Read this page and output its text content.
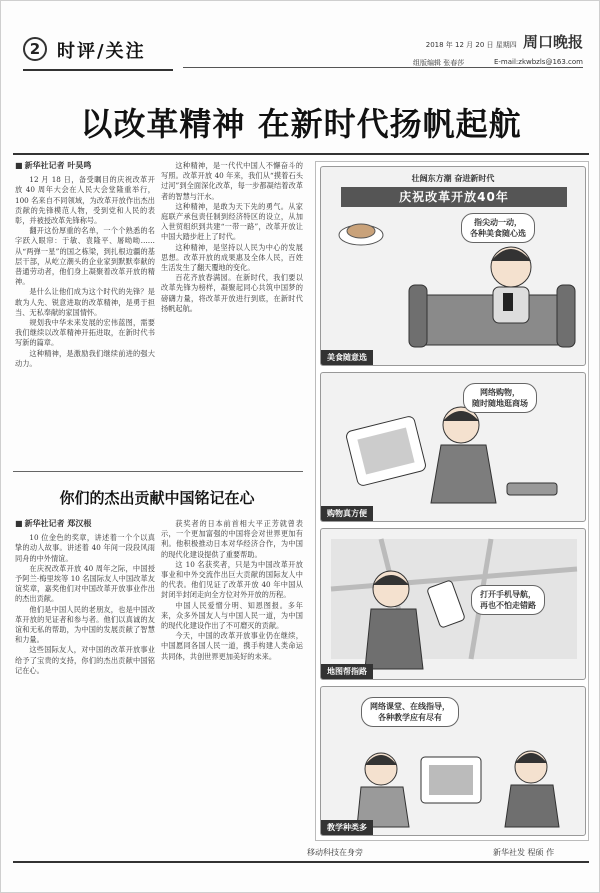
2 时评/关注	2018 年 12 月 20 日 星期四 周口晚报
组版编辑 张春莎	E-mail:zkwbzls@163.com
以改革精神 在新时代扬帆起航
■ 新华社记者 叶昊鸣

12 月 18 日，备受瞩目的庆祝改革开放 40 周年大会在人民大会堂隆重举行，100 名来自不同领域，为改革开放作出杰出贡献的先锋模范人物，受到党和人民的表彰，并被授改革先锋称号。

翻开这份厚重的名单，一个个熟悉的名字跃入眼帘：于敏、袁隆平、屠呦呦……从“两弹一星”的国之栋梁，到扎根边疆的基层干部，从屹立潮头的企业家到默默奉献的普通劳动者，他们身上凝聚着改革开放的精神。

是什么让他们成为这个时代的先锋？是敢为人先、锐意进取的改革精神，是勇于担当、无私奉献的家国情怀。

规划我中华未来发展的宏伟蓝图，需要我们继续以改革精神开拓进取，在新时代书写新的篇章。

这种精神，是激励我们继续前进的强大动力。

这种精神，是一代代中国人不懈奋斗的写照。改革开放 40 年来，我们从“摸着石头过河”到全面深化改革，每一步都凝结着改革者的智慧与汗水。

这种精神，是敢为天下先的勇气。从家庭联产承包责任制到经济特区的设立，从加入世贸组织到共建“一带一路”，改革开放让中国大踏步赶上了时代。

这种精神，是坚持以人民为中心的发展思想。改革开放的成果惠及全体人民，百姓生活发生了翻天覆地的变化。

百花齐放春满园。在新时代，我们要以改革先锋为榜样，凝聚起同心共筑中国梦的磅礴力量，将改革开放进行到底，在新时代扬帆起航。

你们的杰出贡献中国铭记在心
■ 新华社记者 郑汉根

10 位金色的奖章，讲述着一个个以真挚的动人故事。讲述着 40 年间一段段风雨同舟的中外情谊。

在庆祝改革开放 40 周年之际，中国授予阿兰·梅里埃等 10 名国际友人中国改革友谊奖章，嘉奖他们对中国改革开放事业作出的杰出贡献。

他们是中国人民的老朋友，也是中国改革开放的见证者和参与者。他们以真诚的友谊和无私的帮助，为中国的发展贡献了智慧和力量。

这些国际友人，对中国的改革开放事业给予了宝贵的支持，你们的杰出贡献中国铭记在心。

获奖者的日本前首相大平正芳就曾表示，一个更加富强的中国将会对世界更加有利。他积极推动日本对华经济合作，为中国的现代化建设提供了重要帮助。

这 10 名获奖者，只是为中国改革开放事业和中外交流作出巨大贡献的国际友人中的代表。他们见证了改革开放 40 年中国从封闭半封闭走向全方位对外开放的历程。

中国人民爱憎分明、知恩图报。多年来，众多外国友人与中国人民一道，为中国的现代化建设作出了不可磨灭的贡献。

今天，中国的改革开放事业仍在继续，中国愿同各国人民一道，携手构建人类命运共同体，共创世界更加美好的未来。

壮阔东方潮 奋进新时代
庆祝改革开放40年
指尖动一动，
各种美食随心选
美食随意选
网络购物，
随时随地逛商场
购物真方便
打开手机导航，
再也不怕走错路
地图帮指路
网络课堂、在线指导，
各种教学应有尽有
教学种类多
移动科技在身旁	新华社发 程硕 作
